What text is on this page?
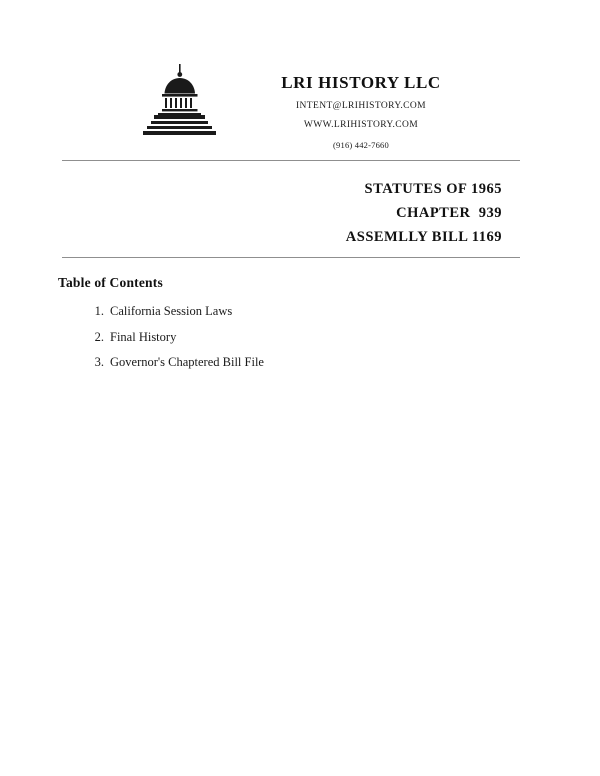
LRI HISTORY LLC
INTENT@LRIHISTORY.COM
WWW.LRIHISTORY.COM
(916) 442-7660
STATUTES OF 1965
CHAPTER  939
ASSEMLLY BILL 1169
Table of Contents
1. California Session Laws
2. Final History
3. Governor's Chaptered Bill File
